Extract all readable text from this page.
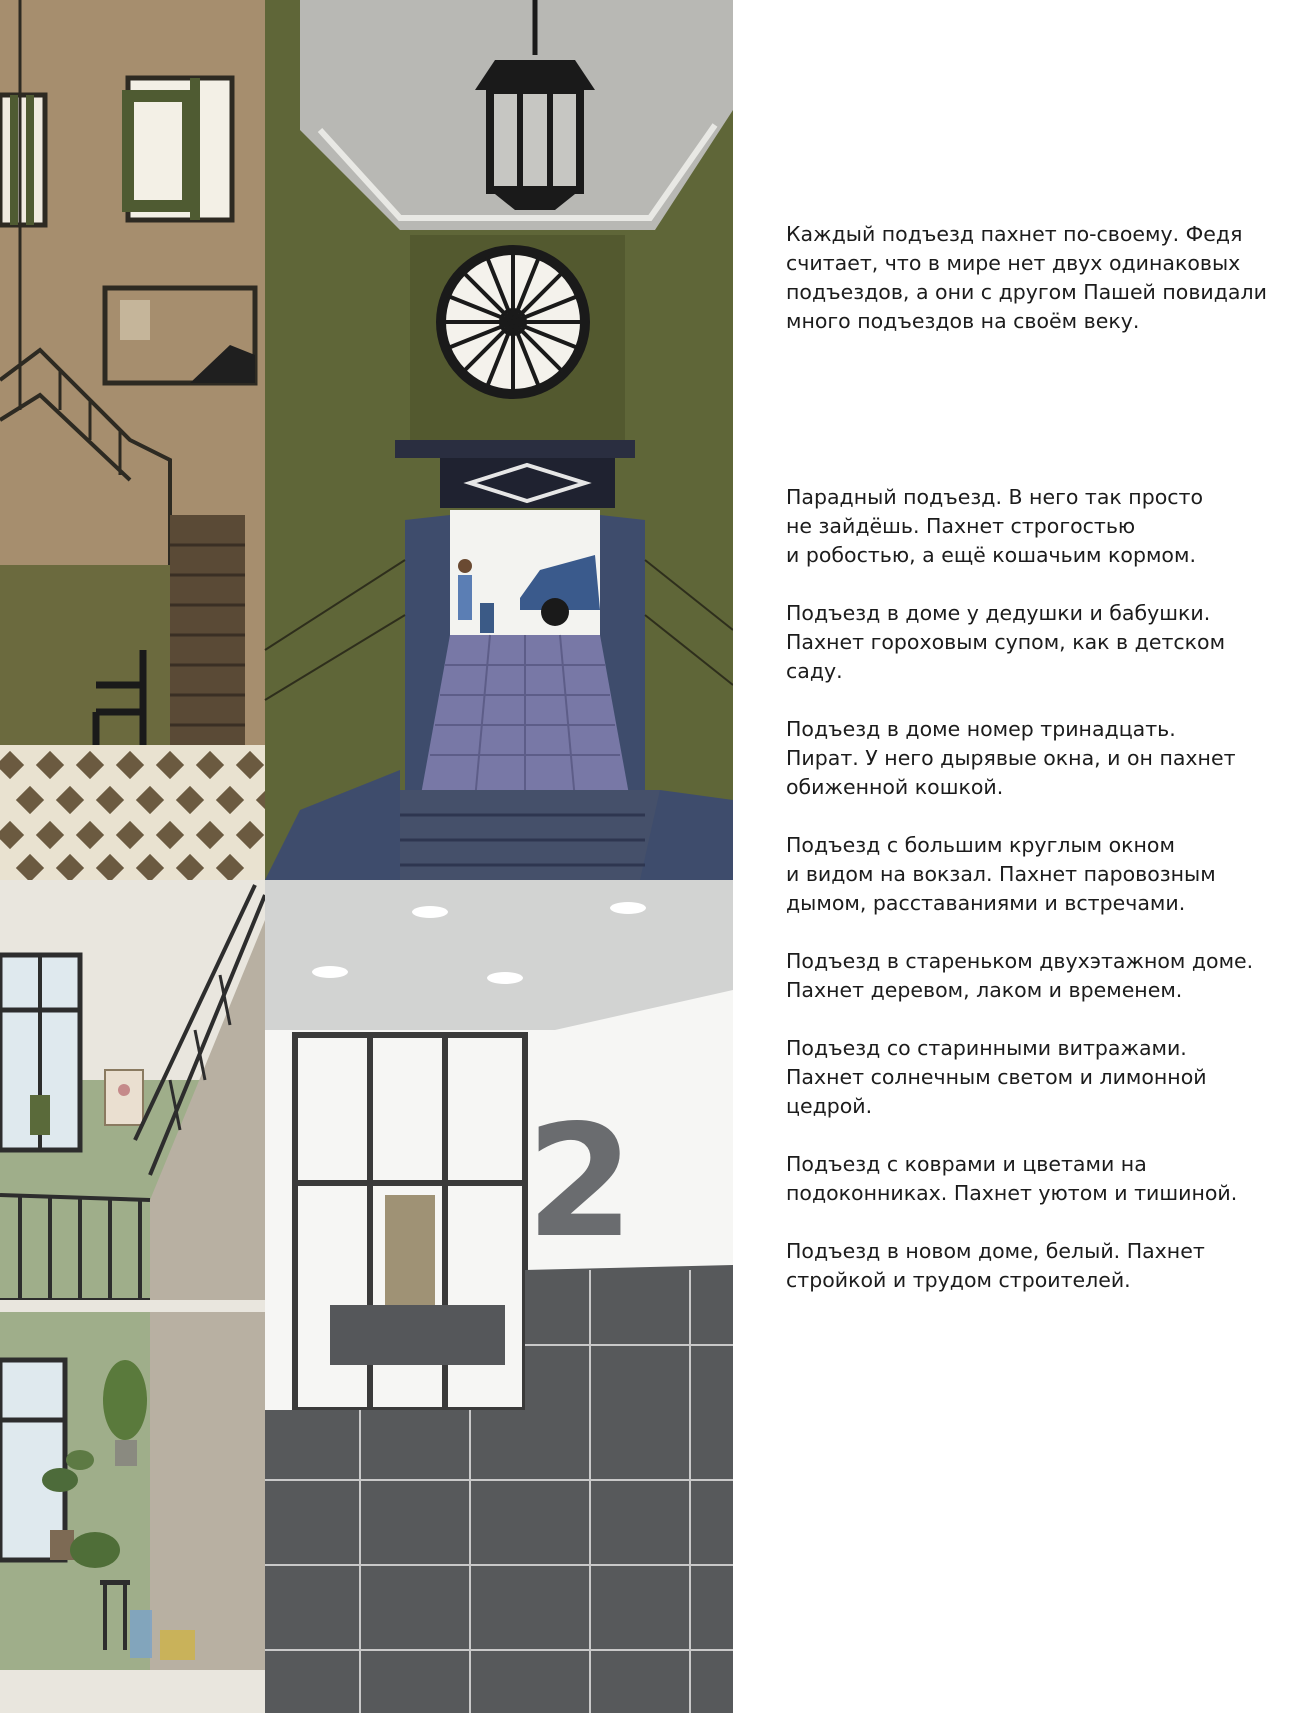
2

Каждый подъезд пахнет по-своему. Федя
считает, что в мире нет двух одинаковых
подъездов, а они с другом Пашей повидали
много подъездов на своём веку.

Парадный подъезд. В него так просто
не зайдёшь. Пахнет строгостью
и робостью, а ещё кошачьим кормом.

Подъезд в доме у дедушки и бабушки.
Пахнет гороховым супом, как в детском
саду.

Подъезд в доме номер тринадцать.
Пират. У него дырявые окна, и он пахнет
обиженной кошкой.

Подъезд с большим круглым окном
и видом на вокзал. Пахнет паровозным
дымом, расставаниями и встречами.

Подъезд в стареньком двухэтажном доме.
Пахнет деревом, лаком и временем.

Подъезд со старинными витражами.
Пахнет солнечным светом и лимонной
цедрой.

Подъезд с коврами и цветами на
подоконниках. Пахнет уютом и тишиной.

Подъезд в новом доме, белый. Пахнет
стройкой и трудом строителей.
